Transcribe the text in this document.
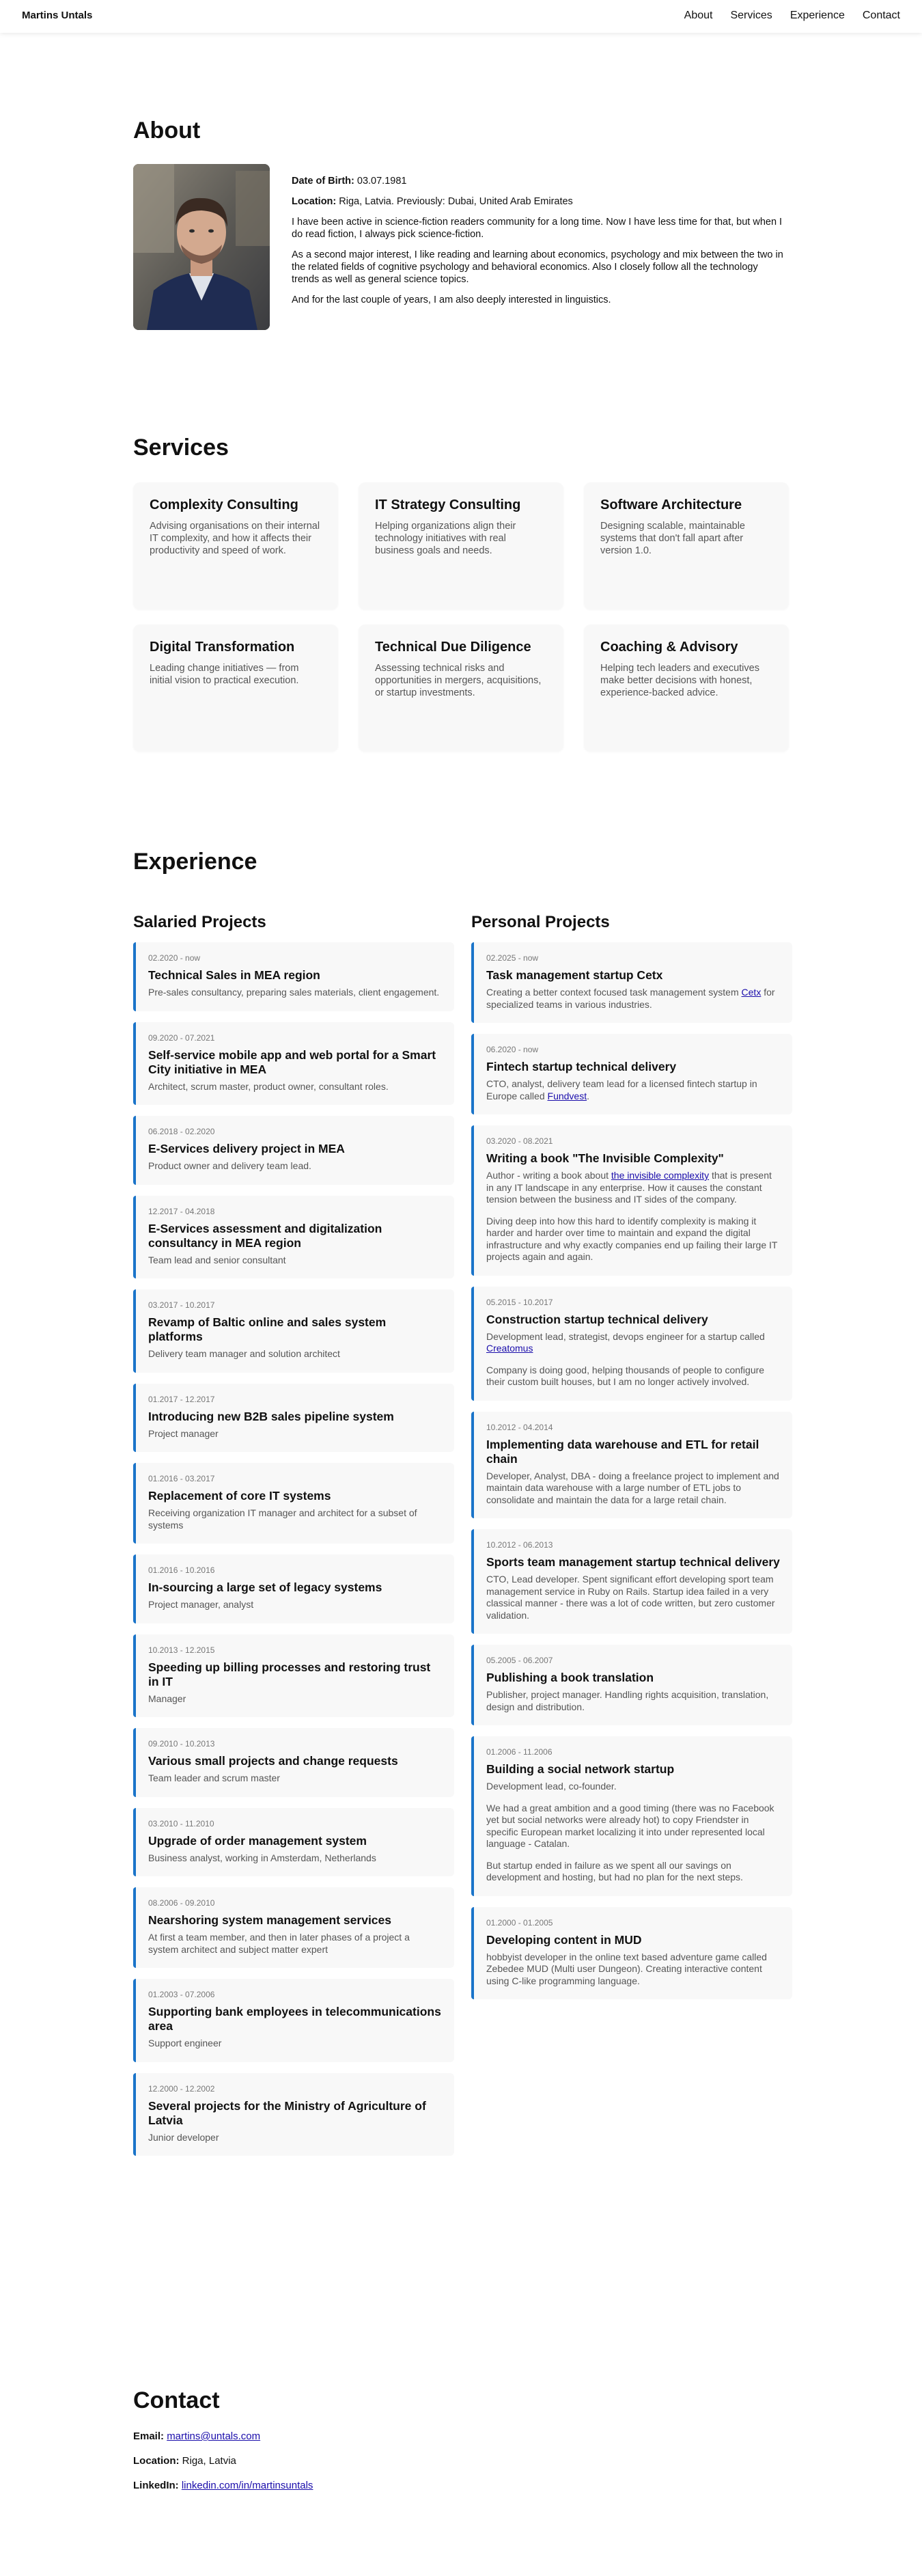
Martins Untals	About Services Experience Contact
About

Date of Birth: 03.07.1981

Location: Riga, Latvia. Previously: Dubai, United Arab Emirates

I have been active in science-fiction readers community for a long time. Now I have less time for that, but when I do read fiction, I always pick science-fiction.

As a second major interest, I like reading and learning about economics, psychology and mix between the two in the related fields of cognitive psychology and behavioral economics. Also I closely follow all the technology trends as well as general science topics.

And for the last couple of years, I am also deeply interested in linguistics.

Services
Complexity Consulting

Advising organisations on their internal IT complexity, and how it affects their productivity and speed of work.

IT Strategy Consulting

Helping organizations align their technology initiatives with real business goals and needs.

Software Architecture

Designing scalable, maintainable systems that don't fall apart after version 1.0.

Digital Transformation

Leading change initiatives — from initial vision to practical execution.

Technical Due Diligence

Assessing technical risks and opportunities in mergers, acquisitions, or startup investments.

Coaching & Advisory

Helping tech leaders and executives make better decisions with honest, experience-backed advice.

Experience
Salaried Projects	Personal Projects
02.2020 - now
Technical Sales in MEA region
Pre-sales consultancy, preparing sales materials, client engagement.
09.2020 - 07.2021
Self-service mobile app and web portal for a Smart City initiative in MEA
Architect, scrum master, product owner, consultant roles.
06.2018 - 02.2020
E-Services delivery project in MEA
Product owner and delivery team lead.
12.2017 - 04.2018
E-Services assessment and digitalization consultancy in MEA region
Team lead and senior consultant
03.2017 - 10.2017
Revamp of Baltic online and sales system platforms
Delivery team manager and solution architect
01.2017 - 12.2017
Introducing new B2B sales pipeline system
Project manager
01.2016 - 03.2017
Replacement of core IT systems
Receiving organization IT manager and architect for a subset of systems
01.2016 - 10.2016
In-sourcing a large set of legacy systems
Project manager, analyst
10.2013 - 12.2015
Speeding up billing processes and restoring trust in IT
Manager
09.2010 - 10.2013
Various small projects and change requests
Team leader and scrum master
03.2010 - 11.2010
Upgrade of order management system
Business analyst, working in Amsterdam, Netherlands
08.2006 - 09.2010
Nearshoring system management services
At first a team member, and then in later phases of a project a system architect and subject matter expert
01.2003 - 07.2006
Supporting bank employees in telecommunications area
Support engineer
12.2000 - 12.2002
Several projects for the Ministry of Agriculture of Latvia
Junior developer
02.2025 - now
Task management startup Cetx
Creating a better context focused task management system Cetx for specialized teams in various industries.
06.2020 - now
Fintech startup technical delivery
CTO, analyst, delivery team lead for a licensed fintech startup in Europe called Fundvest.
03.2020 - 08.2021
Writing a book "The Invisible Complexity"
Author - writing a book about the invisible complexity that is present in any IT landscape in any enterprise. How it causes the constant tension between the business and IT sides of the company.
Diving deep into how this hard to identify complexity is making it harder and harder over time to maintain and expand the digital infrastructure and why exactly companies end up failing their large IT projects again and again.
05.2015 - 10.2017
Construction startup technical delivery
Development lead, strategist, devops engineer for a startup called Creatomus
Company is doing good, helping thousands of people to configure their custom built houses, but I am no longer actively involved.
10.2012 - 04.2014
Implementing data warehouse and ETL for retail chain
Developer, Analyst, DBA - doing a freelance project to implement and maintain data warehouse with a large number of ETL jobs to consolidate and maintain the data for a large retail chain.
10.2012 - 06.2013
Sports team management startup technical delivery
CTO, Lead developer. Spent significant effort developing sport team management service in Ruby on Rails. Startup idea failed in a very classical manner - there was a lot of code written, but zero customer validation.
05.2005 - 06.2007
Publishing a book translation
Publisher, project manager. Handling rights acquisition, translation, design and distribution.
01.2006 - 11.2006
Building a social network startup
Development lead, co-founder.
We had a great ambition and a good timing (there was no Facebook yet but social networks were already hot) to copy Friendster in specific European market localizing it into under represented local language - Catalan.
But startup ended in failure as we spent all our savings on development and hosting, but had no plan for the next steps.
01.2000 - 01.2005
Developing content in MUD
hobbyist developer in the online text based adventure game called Zebedee MUD (Multi user Dungeon). Creating interactive content using C-like programming language.
Contact
Email: martins@untals.com
Location: Riga, Latvia
LinkedIn: linkedin.com/in/martinsuntals
